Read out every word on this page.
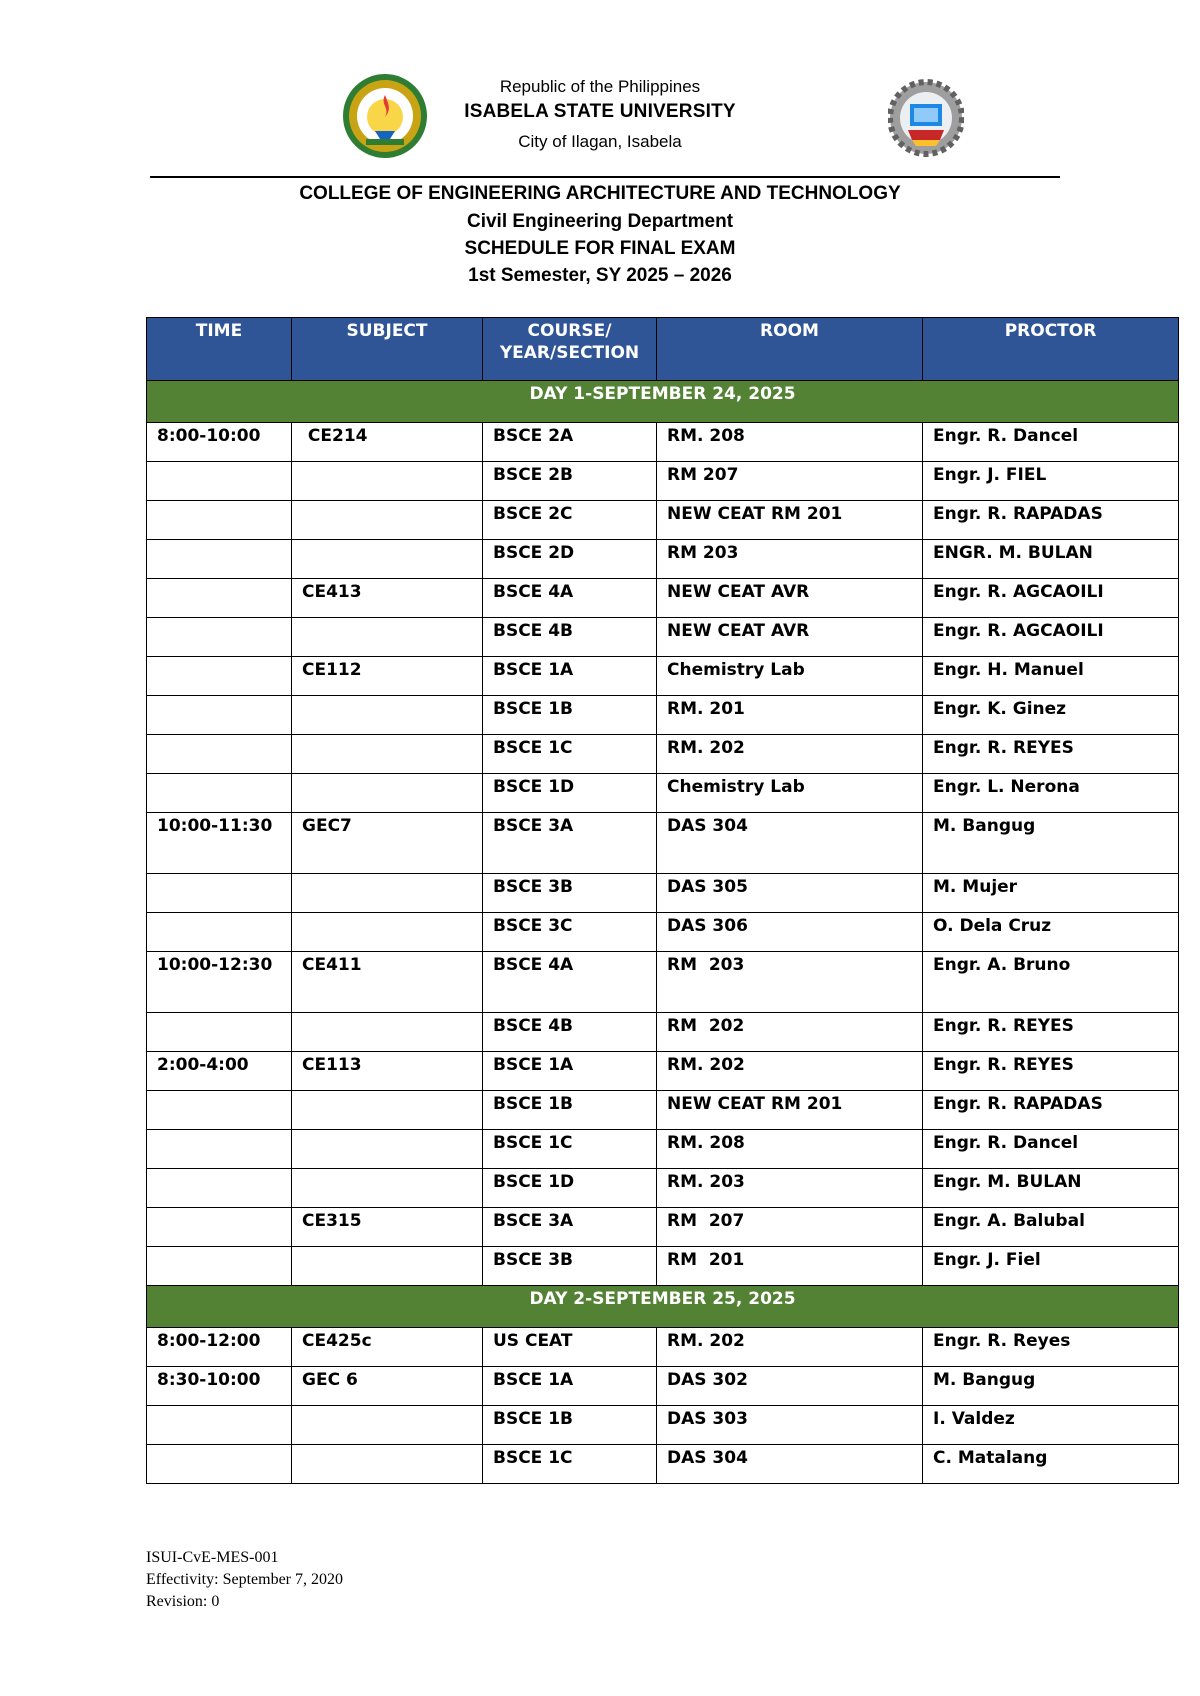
Republic of the Philippines
ISABELA STATE UNIVERSITY
City of Ilagan, Isabela
COLLEGE OF ENGINEERING ARCHITECTURE AND TECHNOLOGY
Civil Engineering Department
SCHEDULE FOR FINAL EXAM
1st Semester, SY 2025 – 2026
TIME	SUBJECT	COURSE/ YEAR/SECTION	ROOM	PROCTOR
DAY 1-SEPTEMBER 24, 2025				
8:00-10:00	CE214	BSCE 2A	RM. 208	Engr. R. Dancel
		BSCE 2B	RM 207	Engr. J. FIEL
		BSCE 2C	NEW CEAT RM 201	Engr. R. RAPADAS
		BSCE 2D	RM 203	ENGR. M. BULAN
	CE413	BSCE 4A	NEW CEAT AVR	Engr. R. AGCAOILI
		BSCE 4B	NEW CEAT AVR	Engr. R. AGCAOILI
	CE112	BSCE 1A	Chemistry Lab	Engr. H. Manuel
		BSCE 1B	RM. 201	Engr. K. Ginez
		BSCE 1C	RM. 202	Engr. R. REYES
		BSCE 1D	Chemistry Lab	Engr. L. Nerona
10:00-11:30	GEC7	BSCE 3A	DAS 304	M. Bangug
		BSCE 3B	DAS 305	M. Mujer
		BSCE 3C	DAS 306	O. Dela Cruz
10:00-12:30	CE411	BSCE 4A	RM  203	Engr. A. Bruno
		BSCE 4B	RM  202	Engr. R. REYES
2:00-4:00	CE113	BSCE 1A	RM. 202	Engr. R. REYES
		BSCE 1B	NEW CEAT RM 201	Engr. R. RAPADAS
		BSCE 1C	RM. 208	Engr. R. Dancel
		BSCE 1D	RM. 203	Engr. M. BULAN
	CE315	BSCE 3A	RM  207	Engr. A. Balubal
		BSCE 3B	RM  201	Engr. J. Fiel
DAY 2-SEPTEMBER 25, 2025				
8:00-12:00	CE425c	US CEAT	RM. 202	Engr. R. Reyes
8:30-10:00	GEC 6	BSCE 1A	DAS 302	M. Bangug
		BSCE 1B	DAS 303	I. Valdez
		BSCE 1C	DAS 304	C. Matalang
ISUI-CvE-MES-001
Effectivity: September 7, 2020
Revision: 0
